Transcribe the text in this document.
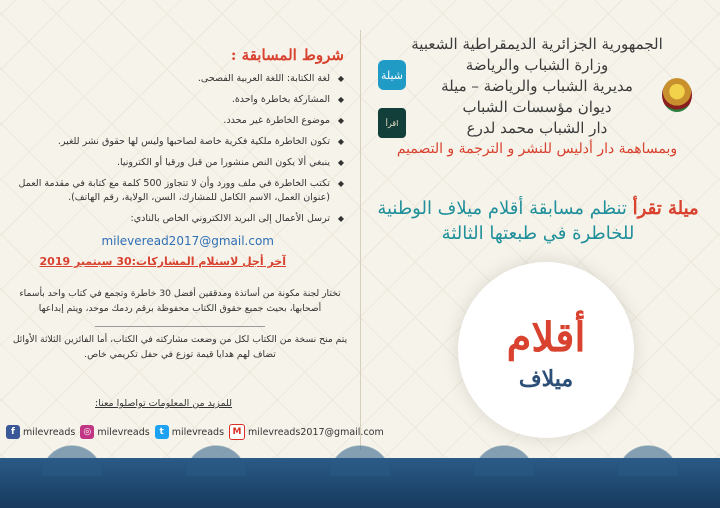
الجمهورية الجزائرية الديمقراطية الشعبية
وزارة الشباب والرياضة
مديرية الشباب والرياضة – ميلة
ديوان مؤسسات الشباب
دار الشباب محمد لدرع
وبمساهمة دار أدليس للنشر و الترجمة و التصميم
شيلة
اقرأ
ميلة تقرأ تنظم مسابقة أقلام ميلاف الوطنية
للخاطرة في طبعتها الثالثة
أقلام
ميلاف
شروط المسابقة :
◆ لغة الكتابة: اللغة العربية الفصحى.
◆ المشاركة بخاطرة واحدة.
◆ موضوع الخاطرة غير محدد.
◆ تكون الخاطرة ملكية فكرية خاصة لصاحبها وليس لها حقوق نشر للغير.
◆ ينبغي ألا يكون النص منشورا من قبل ورقيا أو الكترونيا.
◆ تكتب الخاطرة في ملف وورد وأن لا تتجاوز 500 كلمة مع كتابة في مقدمة العمل (عنوان العمل، الاسم الكامل للمشارك، السن، الولاية، رقم الهاتف).
◆ ترسل الأعمال إلى البريد الالكتروني الخاص بالنادي:
mileveread2017@gmail.com
آخر أجل لاستلام المشاركات:30 سبتمبر 2019
تختار لجنة مكونة من أساتذة ومدققين أفضل 30 خاطرة وتجمع في كتاب واحد بأسماء أصحابها، بحيث جميع حقوق الكتاب محفوظة برقم ردمك موحد، ويتم إبداعها
يتم منح نسخة من الكتاب لكل من وضعت مشاركته في الكتاب، أما الفائزين الثلاثة الأوائل تضاف لهم هدايا قيمة توزع في حفل تكريمي خاص.
للمزيد من المعلومات تواصلوا معنا:
f milevreads ◎ milevreads	t milevreads M milevreads2017@gmail.com
